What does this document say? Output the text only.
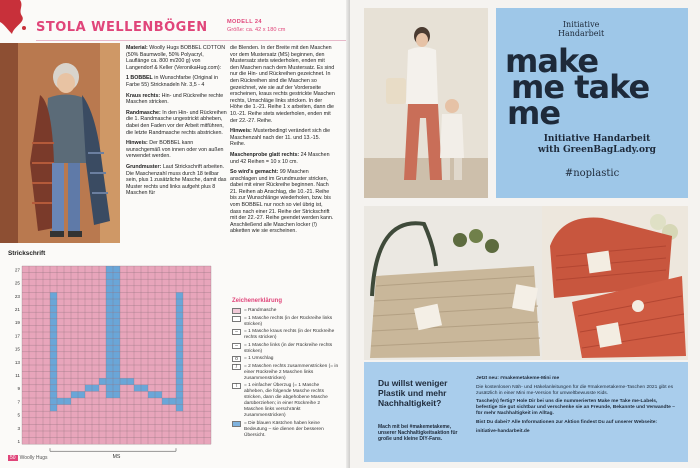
STOLA WELLENBÖGEN	MODELL 24
Größe: ca. 42 x 180 cm

Material: Woolly Hugs BOBBEL COTTON (50% Baumwolle, 50% Polyacryl, Lauflänge ca. 800 m/200 g) von Langendorf & Keller (VeronikaHug.com):

1 BOBBEL in Wunschfarbe (Original in Farbe 55) Stricknadeln Nr. 3,5 - 4

Kraus rechts: Hin- und Rückreihe rechte Maschen stricken.

Randmasche: In den Hin- und Rückreihen die 1. Randmasche ungestrickt abheben, dabei den Faden vor der Arbeit mitführen, die letzte Randmasche rechts abstricken.

Hinweis: Der BOBBEL kann wunschgemäß von innen oder von außen verwendet werden.

Grundmuster: Laut Strickschrift arbeiten. Die Maschenzahl muss durch 18 teilbar sein, plus 1 zusätzliche Masche, damit das Muster rechts und links aufgeht plus 8 Maschen für

die Blenden. In der Breite mit den Maschen vor dem Mustersatz (MS) beginnen, den Mustersatz stets wiederholen, enden mit den Maschen nach dem Mustersatz. Es sind nur die Hin- und Rückreihen gezeichnet. In den Rückreihen sind die Maschen so gezeichnet, wie sie auf der Vorderseite erscheinen, kraus rechts gestrickte Maschen rechts, Umschläge links stricken. In der Höhe die 1.-21. Reihe 1 x arbeiten, dann die 10.-21. Reihe stets wiederholen, enden mit der 22.-27. Reihe.

Hinweis: Musterbedingt verändert sich die Maschenzahl nach der 11. und 13.-15. Reihe.

Maschenprobe glatt rechts: 24 Maschen und 42 Reihen = 10 x 10 cm.

So wird's gemacht: 99 Maschen anschlagen und im Grundmuster stricken, dabei mit einer Rückreihe beginnen. Nach 21. Reihen ab Anschlag, die 10.-21. Reihe bis zur Wunschlänge wiederholen, bzw. bis vom BOBBEL nur noch so viel übrig ist, dass nach einer 21. Reihe der Strickschrift mit der 22.-27. Reihe geendet werden kann. Anschließend alle Maschen locker (!) abketten wie sie erscheinen.

Strickschrift
27
25
23
21
19
17
15
13
11
9
7
5
3
1
MS
Zeichenerklärung
= Randmasche
= 1 Masche rechts (in der Rückreihe links stricken)
–	= 1 Masche kraus rechts (in der Rückreihe rechts stricken)
–	= 1 Masche links (in der Rückreihe rechts stricken)
o	= 1 Umschlag
/	= 2 Maschen rechts zusammenstricken (= in einer Rückreihe 2 Maschen links zusammenstricken)
\	= 1 einfacher Überzug (= 1 Masche abheben, die folgende Masche rechts stricken, dann die abgehobene Masche darüberziehen; in einer Rückreihe 2 Maschen links verschränkt zusammenstricken)
= Die blauen Kästchen haben keine Bedeutung – sie dienen der besseren Übersicht.
50 Woolly Hugs
Initiative
Handarbeit
make
me take
me
Initiative Handarbeit
with GreenBagLady.org
#noplastic
Du willst weniger Plastik und mehr Nachhaltigkeit?
Mach mit bei #makemetakeme, unserer Nachhaltigkeitsaktion für große und kleine DIY-Fans.

Jetzt neu: #makemetakeme-Mini me

Die kostenlosen Näh- und Häkelanleitungen für die #makemetakeme-Taschen 2021 gibt es zusätzlich in einer Mini me-Version für umweltbewusste Kids.

Tasche(n) fertig? Hole Dir bei uns die nummerierten Make me Take me-Labels, befestige Sie gut sichtbar und verschenke sie an Freunde, Bekannte und Verwandte – für mehr Nachhaltigkeit im Alltag.

Bist Du dabei? Alle Informationen zur Aktion findest Du auf unserer Webseite:

initiative-handarbeit.de
